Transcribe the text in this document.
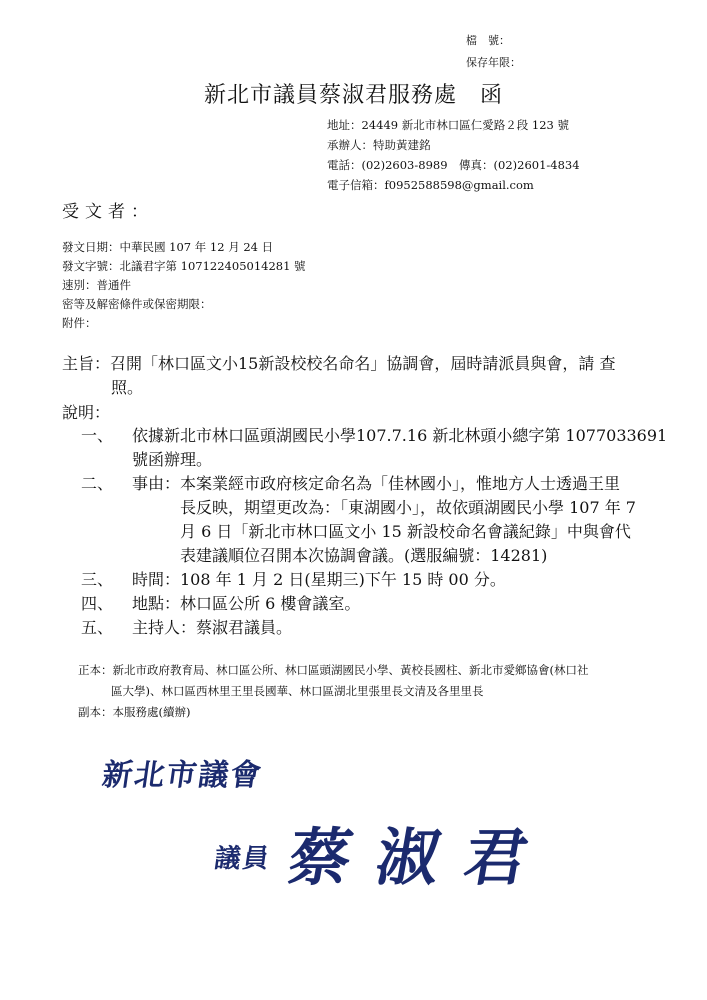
檔　號：
保存年限：
新北市議員蔡淑君服務處　函
地址：24449 新北市林口區仁愛路２段 123 號
承辦人：特助黃建銘
電話：(02)2603-8989　傳真：(02)2601-4834
電子信箱：f0952588598@gmail.com
受文者：
發文日期：中華民國 107 年 12 月 24 日
發文字號：北議君字第 107122405014281 號
速別：普通件
密等及解密條件或保密期限：
附件：
主旨：召開「林口區文小15新設校校名命名」協調會，屆時請派員與會，請 查
照。
說明：
一、	依據新北市林口區頭湖國民小學107.7.16 新北林頭小總字第 1077033691
號函辦理。
二、	事由：本案業經市政府核定命名為「佳林國小」，惟地方人士透過王里
　　　長反映，期望更改為：「東湖國小」，故依頭湖國民小學 107 年 7
　　　月 6 日「新北市林口區文小 15 新設校命名會議紀錄」中與會代
　　　表建議順位召開本次協調會議。(選服編號：14281)
三、	時間：108 年 1 月 2 日(星期三)下午 15 時 00 分。
四、	地點：林口區公所 6 樓會議室。
五、	主持人：蔡淑君議員。
正本：新北市政府教育局、林口區公所、林口區頭湖國民小學、黃校長國柱、新北市愛鄉協會(林口社
區大學)、林口區西林里王里長國華、林口區湖北里張里長文清及各里里長
副本：本服務處(續辦)
新北市議會
議員 蔡淑君
